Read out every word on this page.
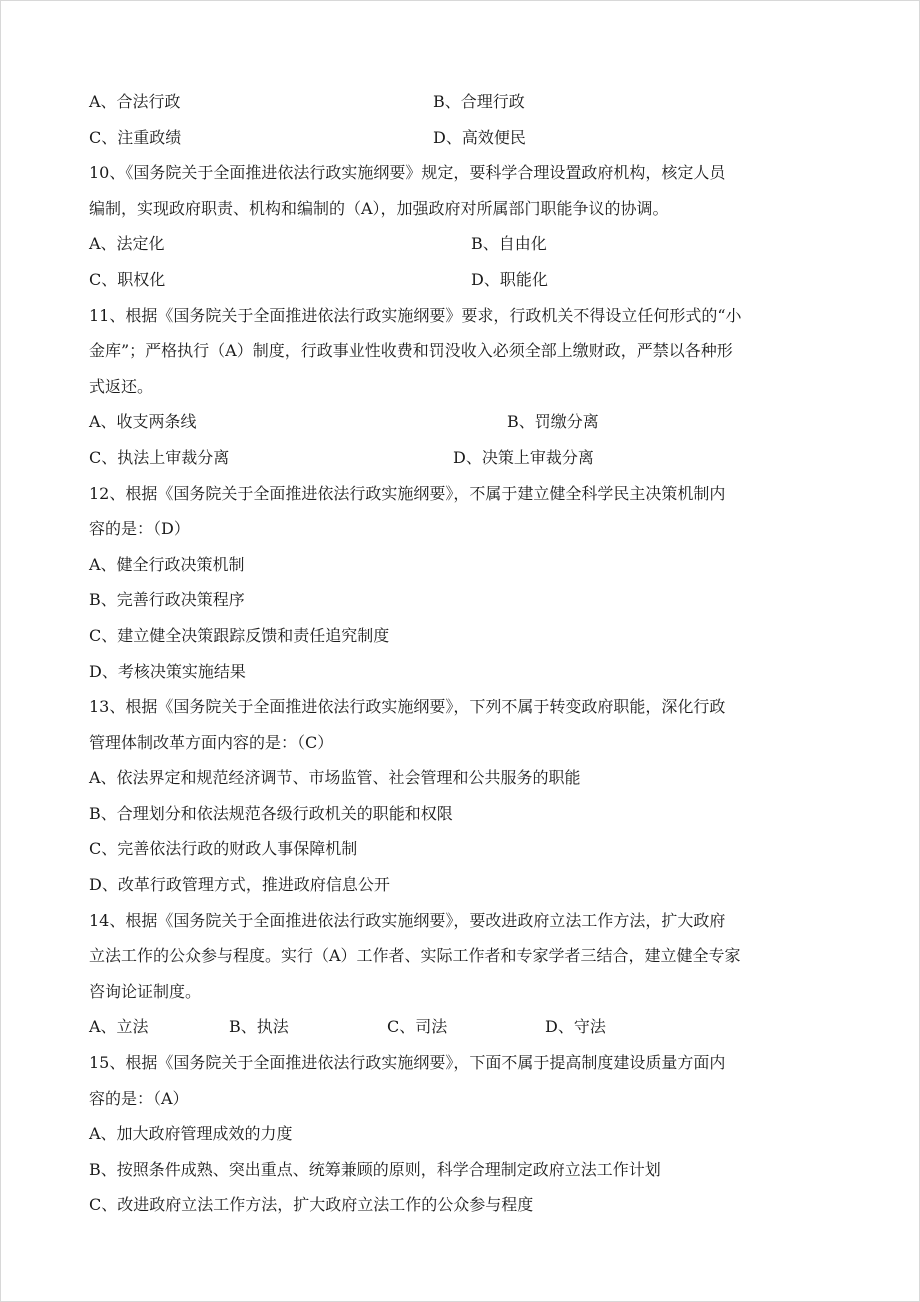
A、合法行政	B、合理行政
C、注重政绩	D、高效便民
10、《国务院关于全面推进依法行政实施纲要》规定，要科学合理设置政府机构，核定人员
编制，实现政府职责、机构和编制的（A），加强政府对所属部门职能争议的协调。
A、法定化	B、自由化
C、职权化	D、职能化
11、根据《国务院关于全面推进依法行政实施纲要》要求，行政机关不得设立任何形式的“小
金库”；严格执行（A）制度，行政事业性收费和罚没收入必须全部上缴财政，严禁以各种形
式返还。
A、收支两条线	B、罚缴分离
C、执法上审裁分离	D、决策上审裁分离
12、根据《国务院关于全面推进依法行政实施纲要》，不属于建立健全科学民主决策机制内
容的是：（D）
A、健全行政决策机制
B、完善行政决策程序
C、建立健全决策跟踪反馈和责任追究制度
D、考核决策实施结果
13、根据《国务院关于全面推进依法行政实施纲要》，下列不属于转变政府职能，深化行政
管理体制改革方面内容的是：（C）
A、依法界定和规范经济调节、市场监管、社会管理和公共服务的职能
B、合理划分和依法规范各级行政机关的职能和权限
C、完善依法行政的财政人事保障机制
D、改革行政管理方式，推进政府信息公开
14、根据《国务院关于全面推进依法行政实施纲要》，要改进政府立法工作方法，扩大政府
立法工作的公众参与程度。实行（A）工作者、实际工作者和专家学者三结合，建立健全专家
咨询论证制度。
A、立法	B、执法	C、司法	D、守法
15、根据《国务院关于全面推进依法行政实施纲要》，下面不属于提高制度建设质量方面内
容的是：（A）
A、加大政府管理成效的力度
B、按照条件成熟、突出重点、统筹兼顾的原则，科学合理制定政府立法工作计划
C、改进政府立法工作方法，扩大政府立法工作的公众参与程度
